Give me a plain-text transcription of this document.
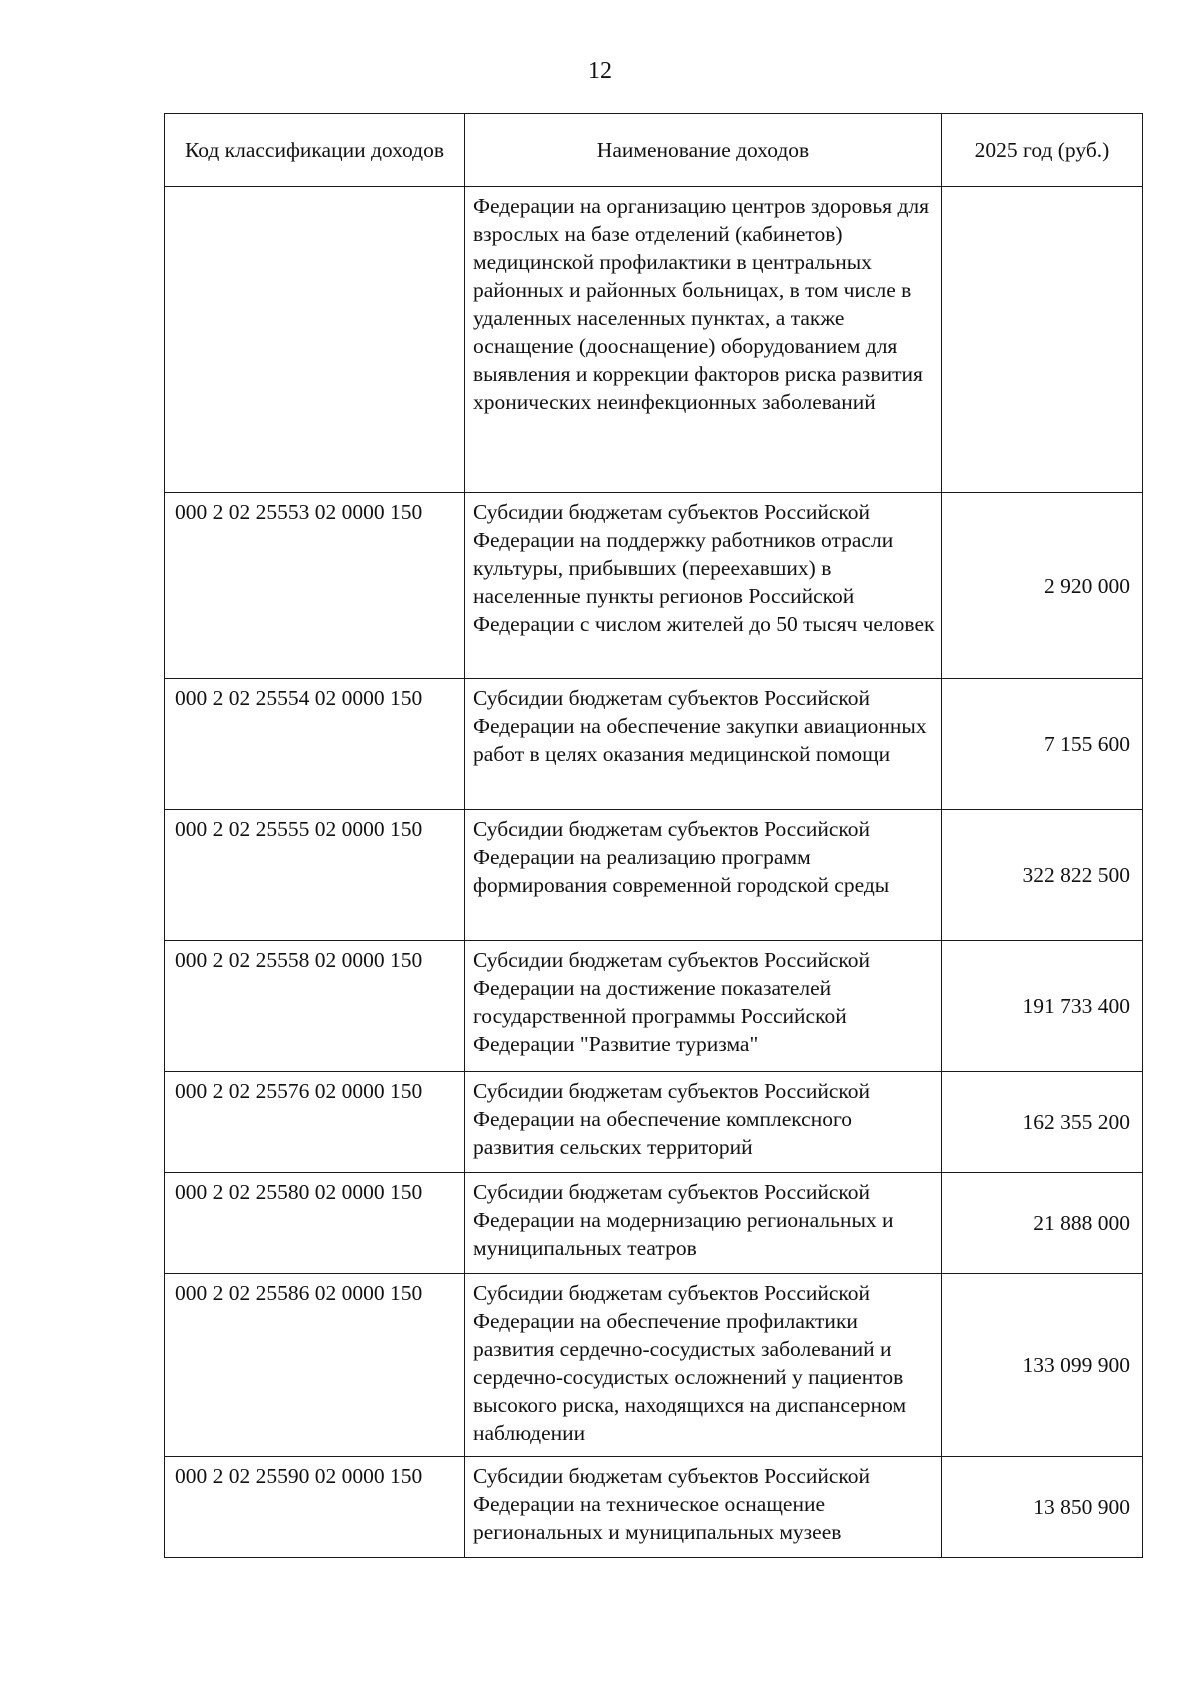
12
Код классификации доходов	Наименование доходов	2025 год (руб.)
	Федерации на организацию центров здоровья для взрослых на базе отделений (кабинетов) медицинской профилактики в центральных районных и районных больницах, в том числе в удаленных населенных пунктах, а также оснащение (дооснащение) оборудованием для выявления и коррекции факторов риска развития хронических неинфекционных заболеваний	
000 2 02 25553 02 0000 150	Субсидии бюджетам субъектов Российской Федерации на поддержку работников отрасли культуры, прибывших (переехавших) в населенные пункты регионов Российской Федерации с числом жителей до 50 тысяч человек	2 920 000
000 2 02 25554 02 0000 150	Субсидии бюджетам субъектов Российской Федерации на обеспечение закупки авиационных работ в целях оказания медицинской помощи	7 155 600
000 2 02 25555 02 0000 150	Субсидии бюджетам субъектов Российской Федерации на реализацию программ формирования современной городской среды	322 822 500
000 2 02 25558 02 0000 150	Субсидии бюджетам субъектов Российской Федерации на достижение показателей государственной программы Российской Федерации "Развитие туризма"	191 733 400
000 2 02 25576 02 0000 150	Субсидии бюджетам субъектов Российской Федерации на обеспечение комплексного развития сельских территорий	162 355 200
000 2 02 25580 02 0000 150	Субсидии бюджетам субъектов Российской Федерации на модернизацию региональных и муниципальных театров	21 888 000
000 2 02 25586 02 0000 150	Субсидии бюджетам субъектов Российской Федерации на обеспечение профилактики развития сердечно-сосудистых заболеваний и сердечно-сосудистых осложнений у пациентов высокого риска, находящихся на диспансерном наблюдении	133 099 900
000 2 02 25590 02 0000 150	Субсидии бюджетам субъектов Российской Федерации на техническое оснащение региональных и муниципальных музеев	13 850 900
